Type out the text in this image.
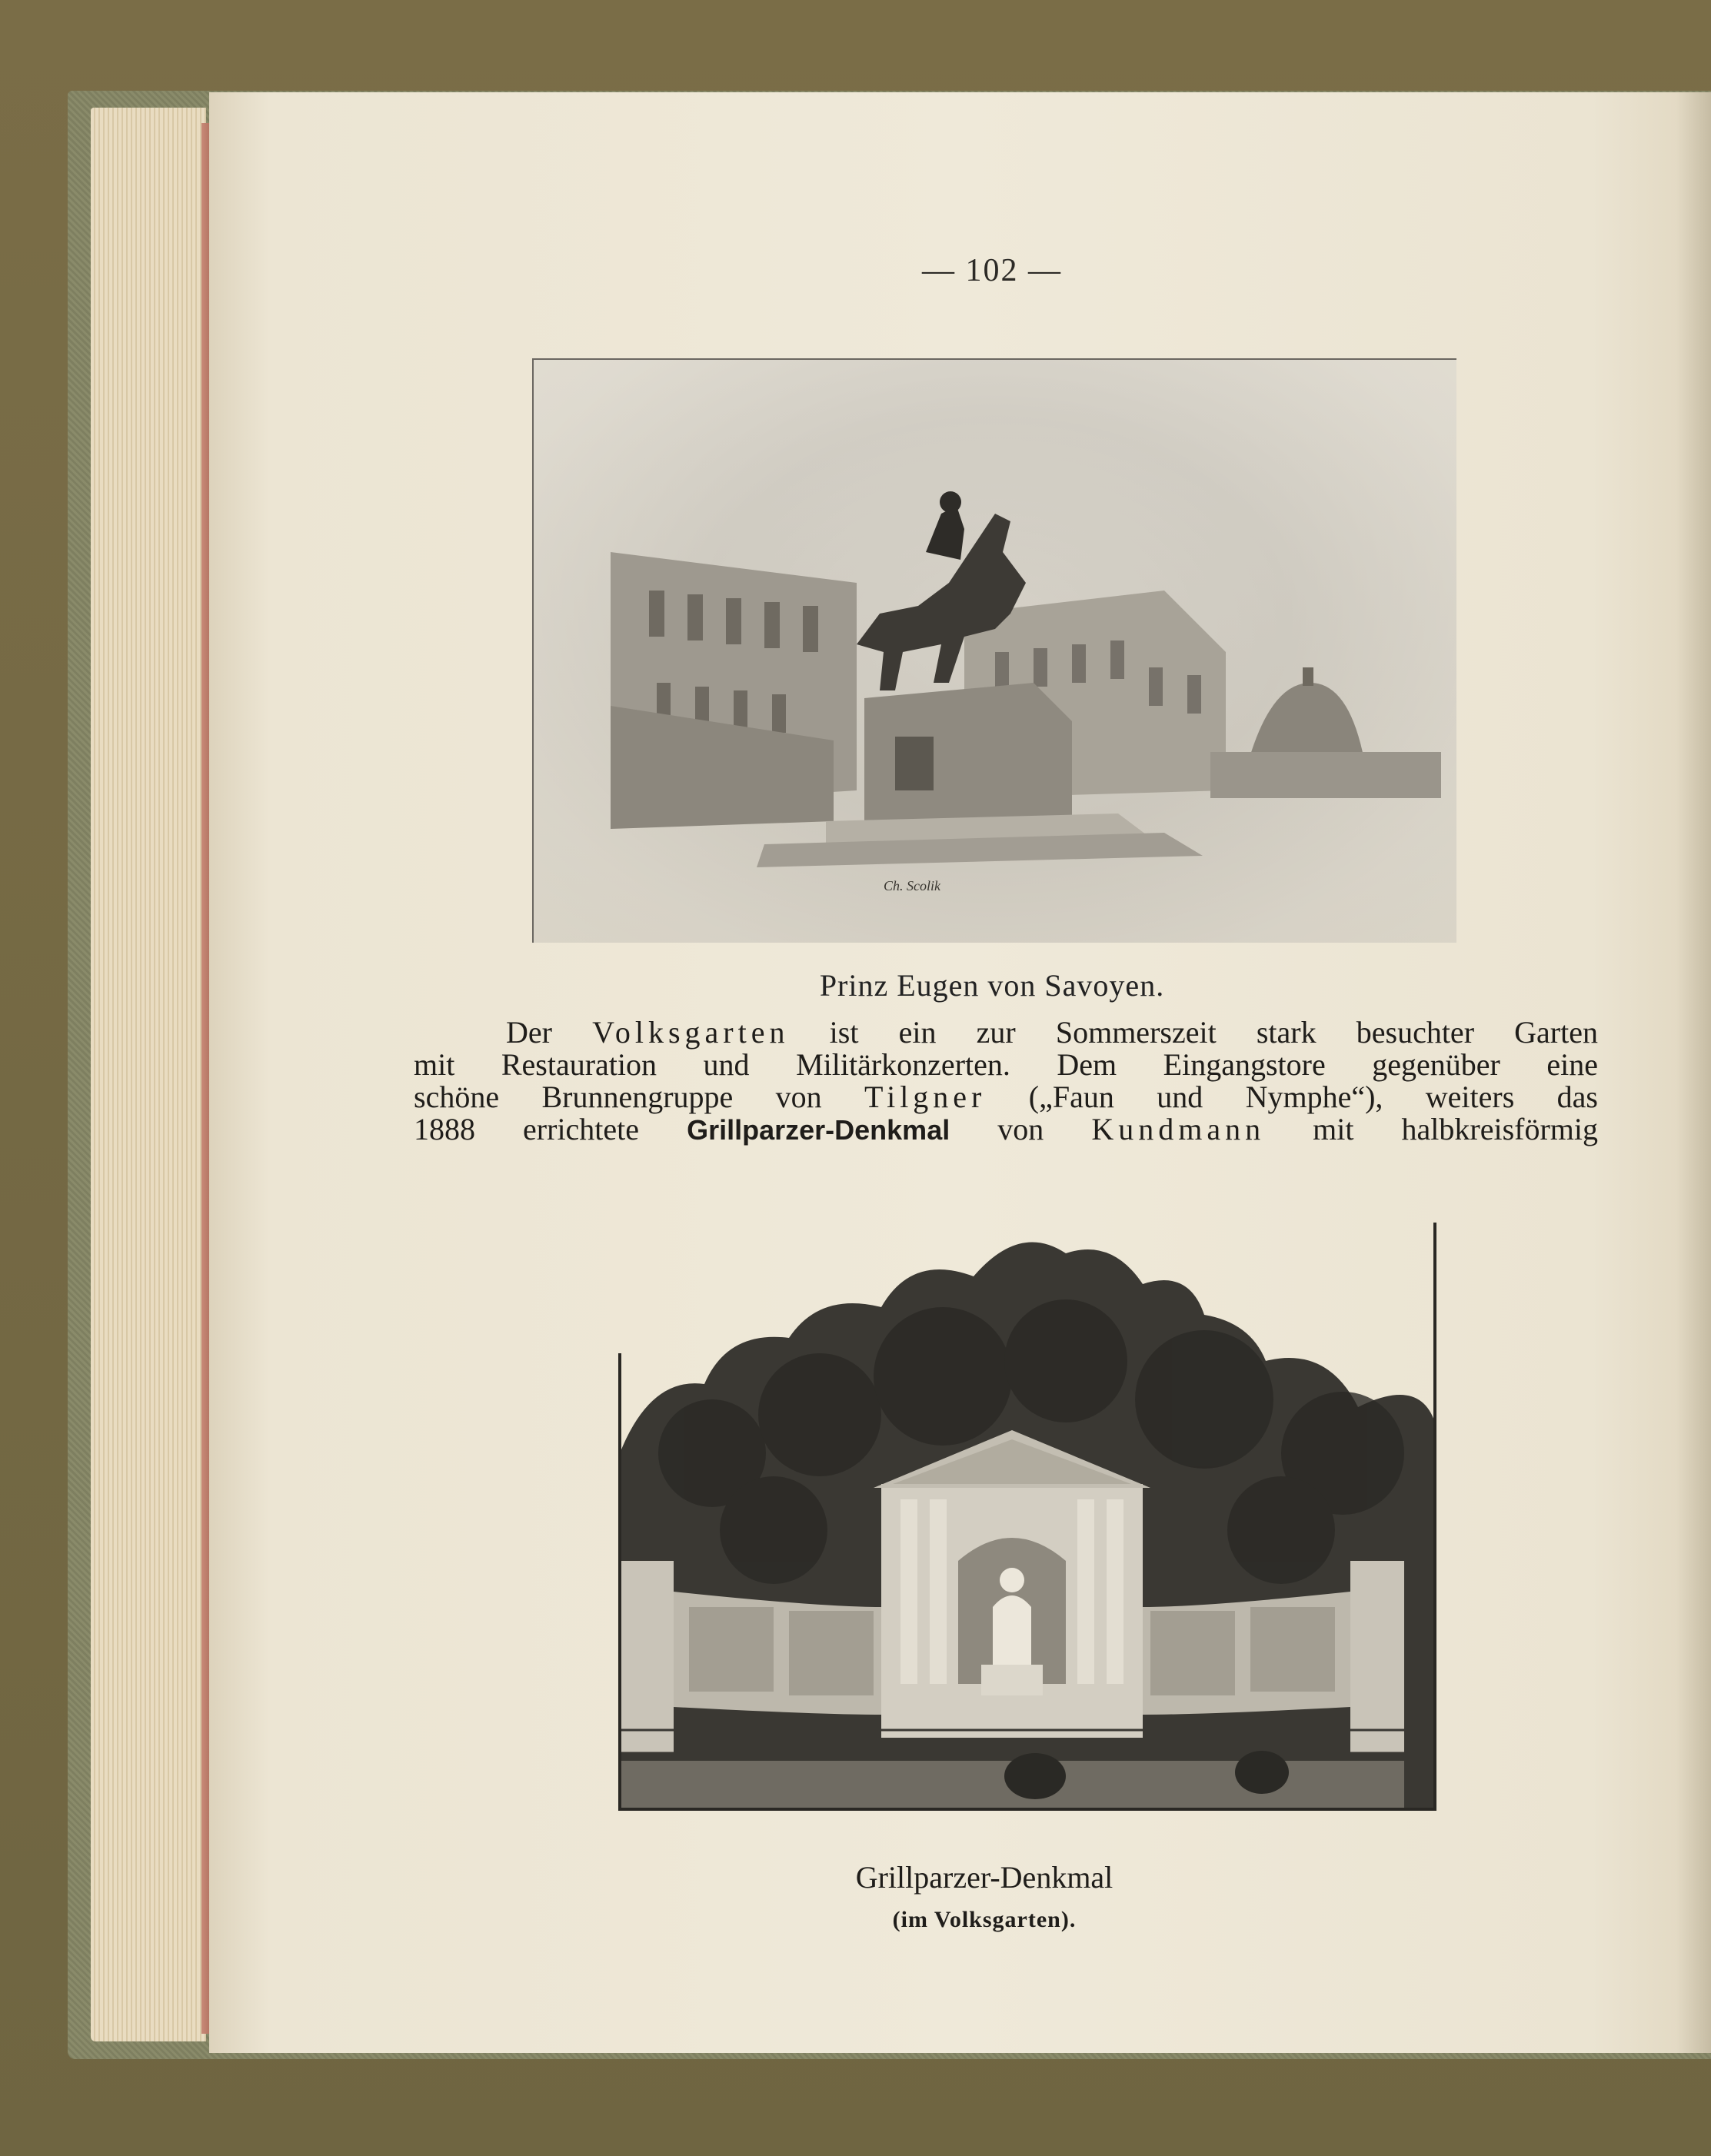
— 102 —
Ch. Scolik
Prinz Eugen von Savoyen.
Der Volksgarten ist ein zur Sommerszeit stark besuchter Garten
mit Restauration und Militärkonzerten. Dem Eingangstore gegenüber eine
schöne Brunnengruppe von Tilgner („Faun und Nymphe“), weiters das
1888 errichtete Grillparzer-Denkmal von Kundmann mit halbkreisförmig
Grillparzer-Denkmal
(im Volksgarten).
